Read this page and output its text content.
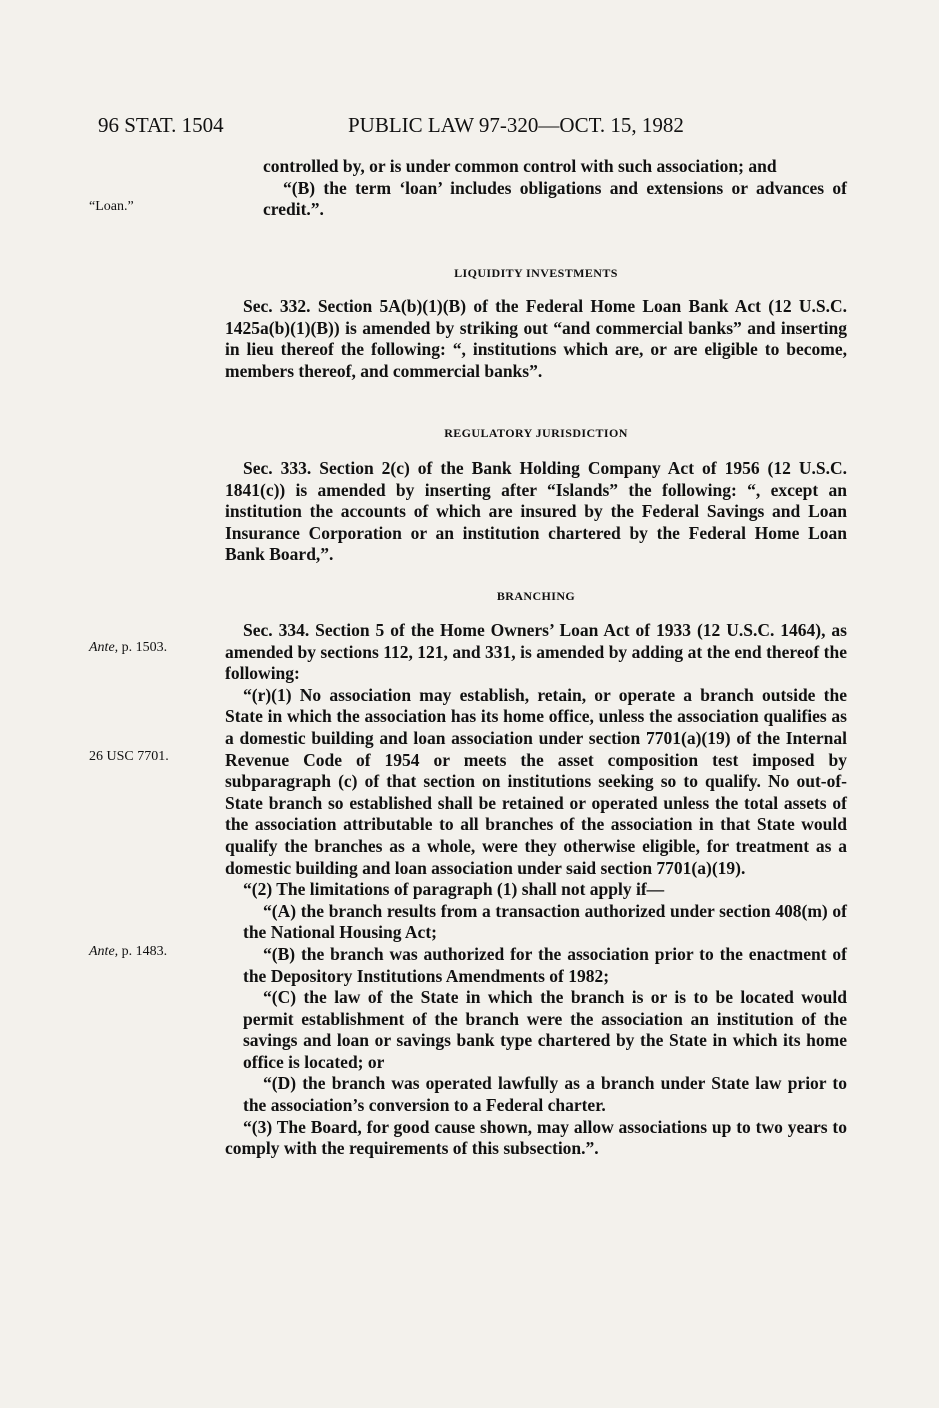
96 STAT. 1504	PUBLIC LAW 97-320—OCT. 15, 1982

controlled by, or is under common control with such association; and

“(B) the term ‘loan’ includes obligations and extensions or advances of credit.”.

“Loan.”
LIQUIDITY INVESTMENTS

Sec. 332. Section 5A(b)(1)(B) of the Federal Home Loan Bank Act (12 U.S.C. 1425a(b)(1)(B)) is amended by striking out “and commercial banks” and inserting in lieu thereof the following: “, institutions which are, or are eligible to become, members thereof, and commercial banks”.

REGULATORY JURISDICTION

Sec. 333. Section 2(c) of the Bank Holding Company Act of 1956 (12 U.S.C. 1841(c)) is amended by inserting after “Islands” the following: “, except an institution the accounts of which are insured by the Federal Savings and Loan Insurance Corporation or an institution chartered by the Federal Home Loan Bank Board,”.

BRANCHING

Sec. 334. Section 5 of the Home Owners’ Loan Act of 1933 (12 U.S.C. 1464), as amended by sections 112, 121, and 331, is amended by adding at the end thereof the following:

“(r)(1) No association may establish, retain, or operate a branch outside the State in which the association has its home office, unless the association qualifies as a domestic building and loan association under section 7701(a)(19) of the Internal Revenue Code of 1954 or meets the asset composition test imposed by subparagraph (c) of that section on institutions seeking so to qualify. No out-of-State branch so established shall be retained or operated unless the total assets of the association attributable to all branches of the association in that State would qualify the branches as a whole, were they otherwise eligible, for treatment as a domestic building and loan association under said section 7701(a)(19).

“(2) The limitations of paragraph (1) shall not apply if—

“(A) the branch results from a transaction authorized under section 408(m) of the National Housing Act;

“(B) the branch was authorized for the association prior to the enactment of the Depository Institutions Amendments of 1982;

“(C) the law of the State in which the branch is or is to be located would permit establishment of the branch were the association an institution of the savings and loan or savings bank type chartered by the State in which its home office is located; or

“(D) the branch was operated lawfully as a branch under State law prior to the association’s conversion to a Federal charter.

“(3) The Board, for good cause shown, may allow associations up to two years to comply with the requirements of this subsection.”.

Ante, p. 1503.
26 USC 7701.
Ante, p. 1483.
